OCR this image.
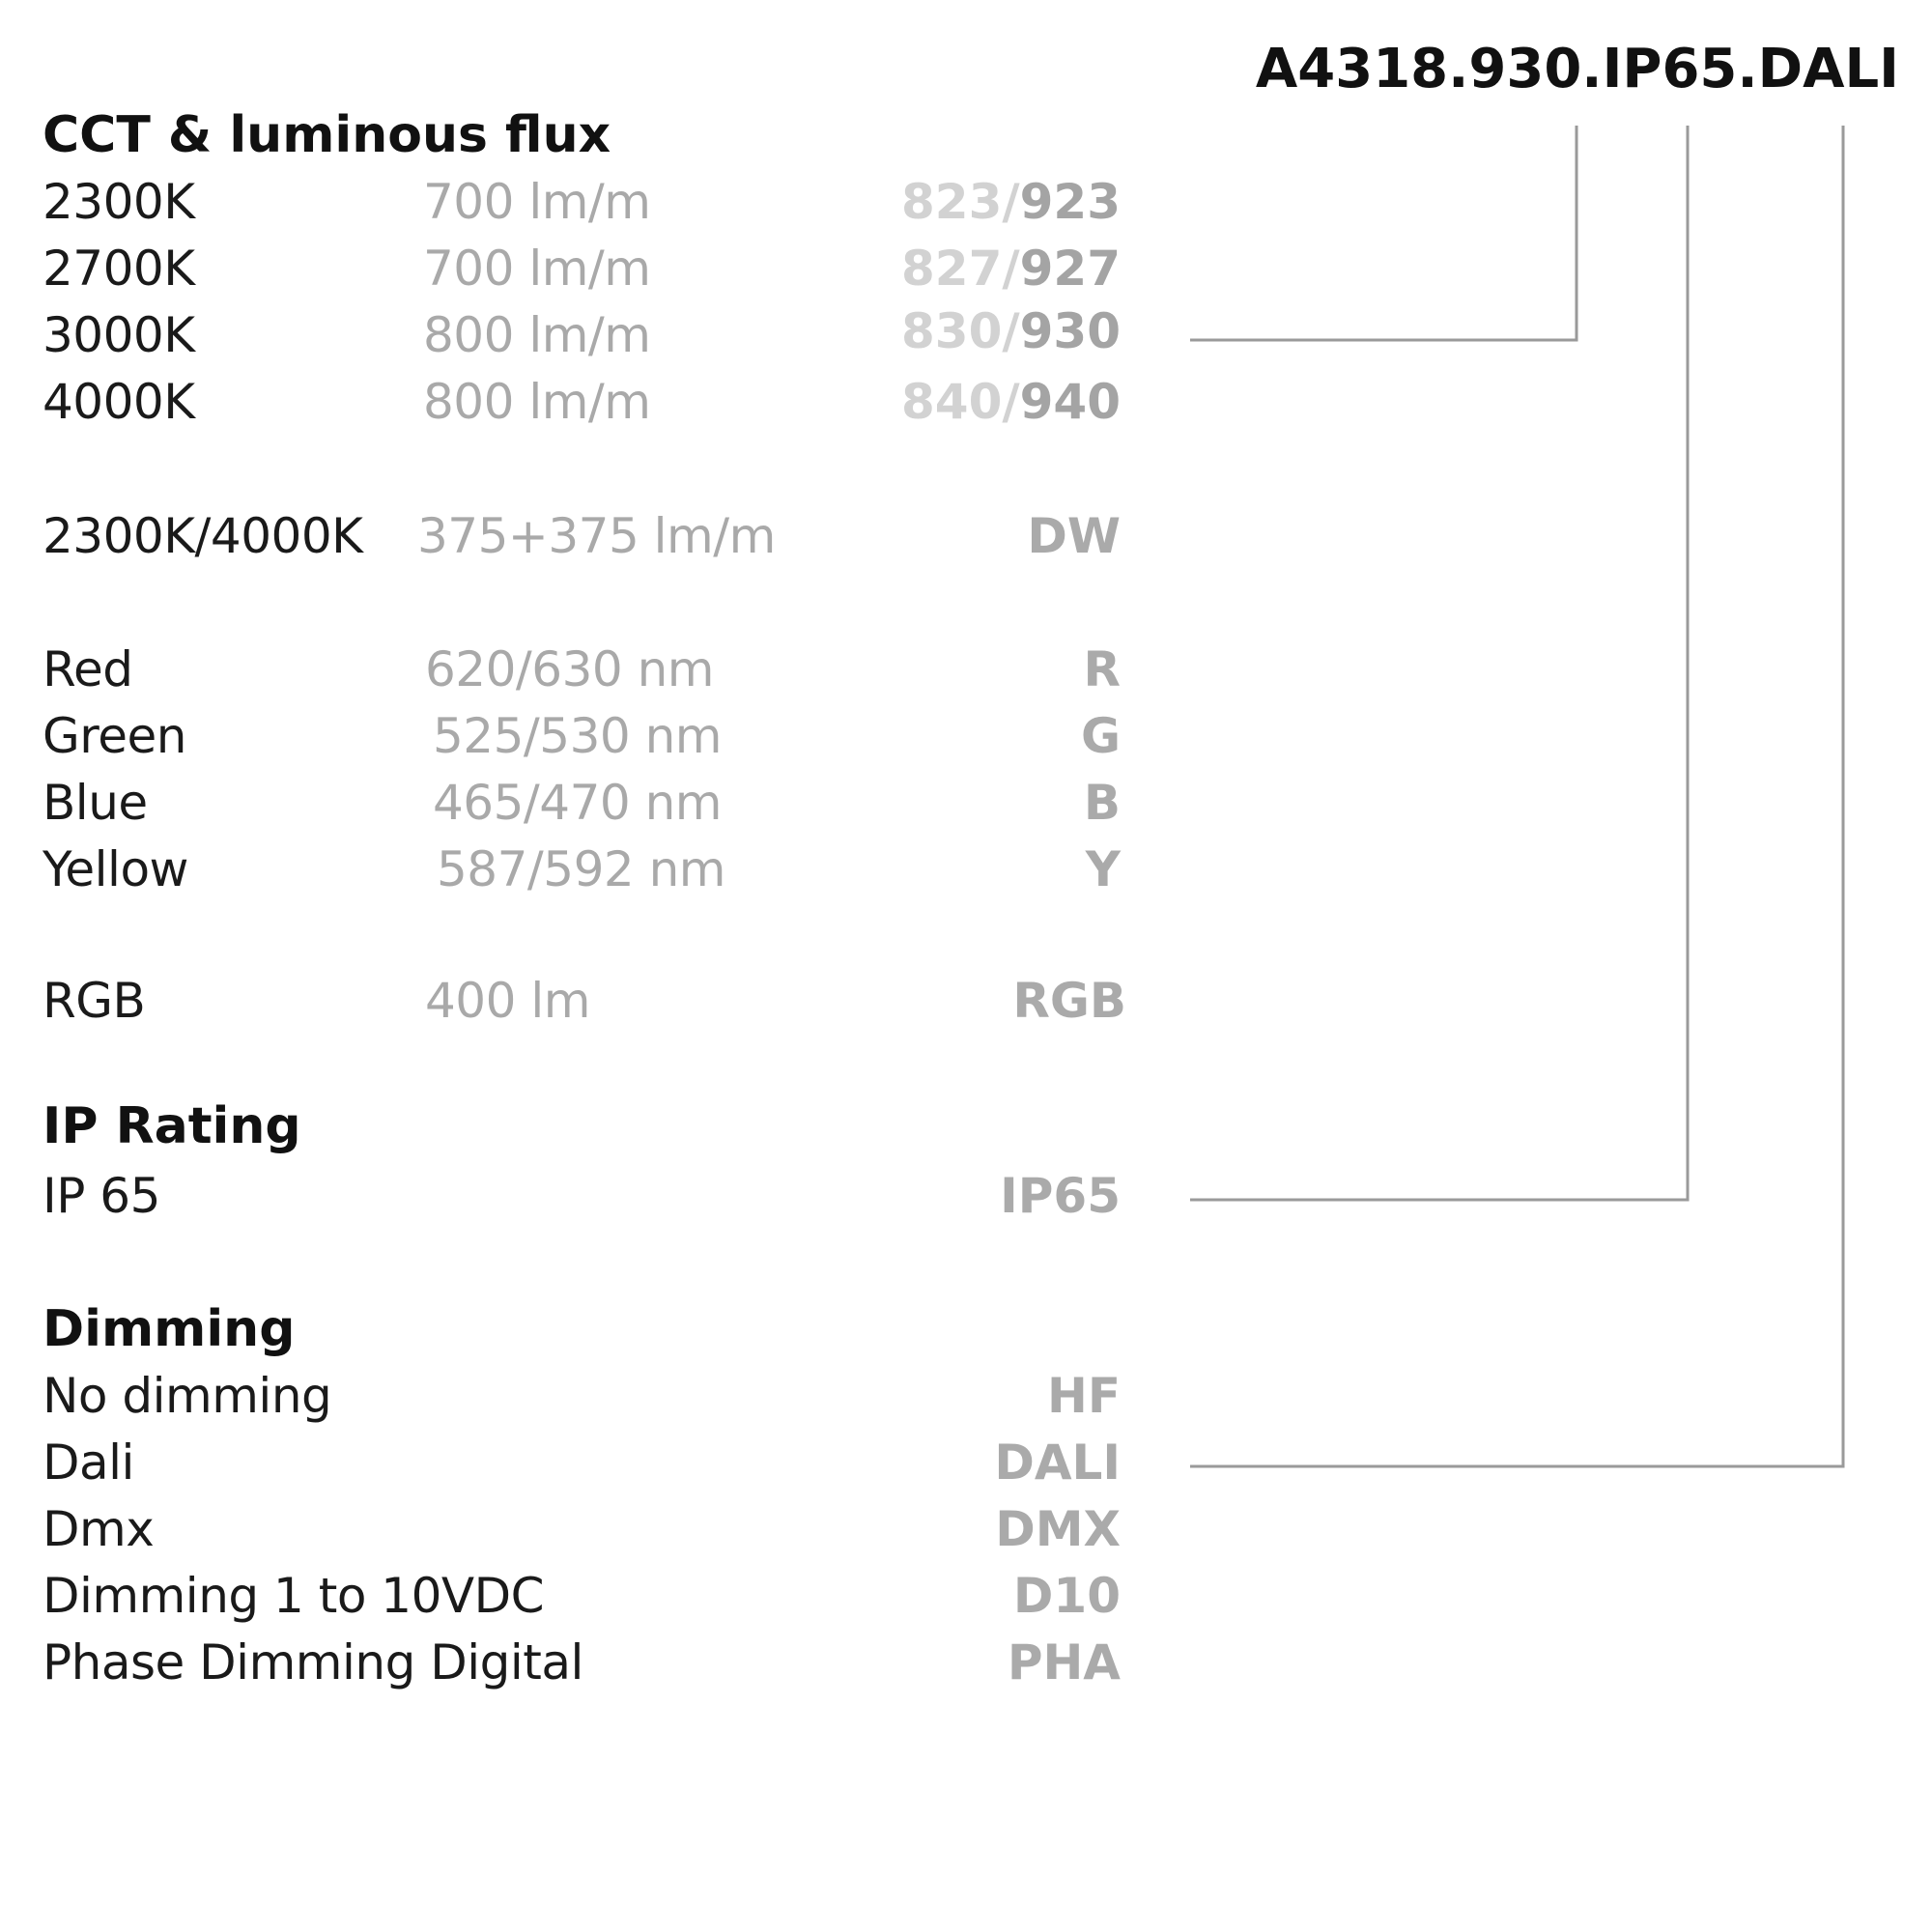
A4318.930.IP65.DALI
CCT & luminous flux
2300K	700 lm/m	823/923
2700K	700 lm/m	827/927
3000K	800 lm/m	830/930
4000K	800 lm/m	840/940
2300K/4000K 375+375 lm/m	DW
Red	620/630 nm	R
Green	525/530 nm	G
Blue	465/470 nm	B
Yellow	587/592 nm	Y
RGB	400 lm	RGB
IP Rating
IP 65	IP65
Dimming
No dimming	HF
Dali	DALI
Dmx	DMX
Dimming 1 to 10VDC	D10
Phase Dimming Digital	PHA
